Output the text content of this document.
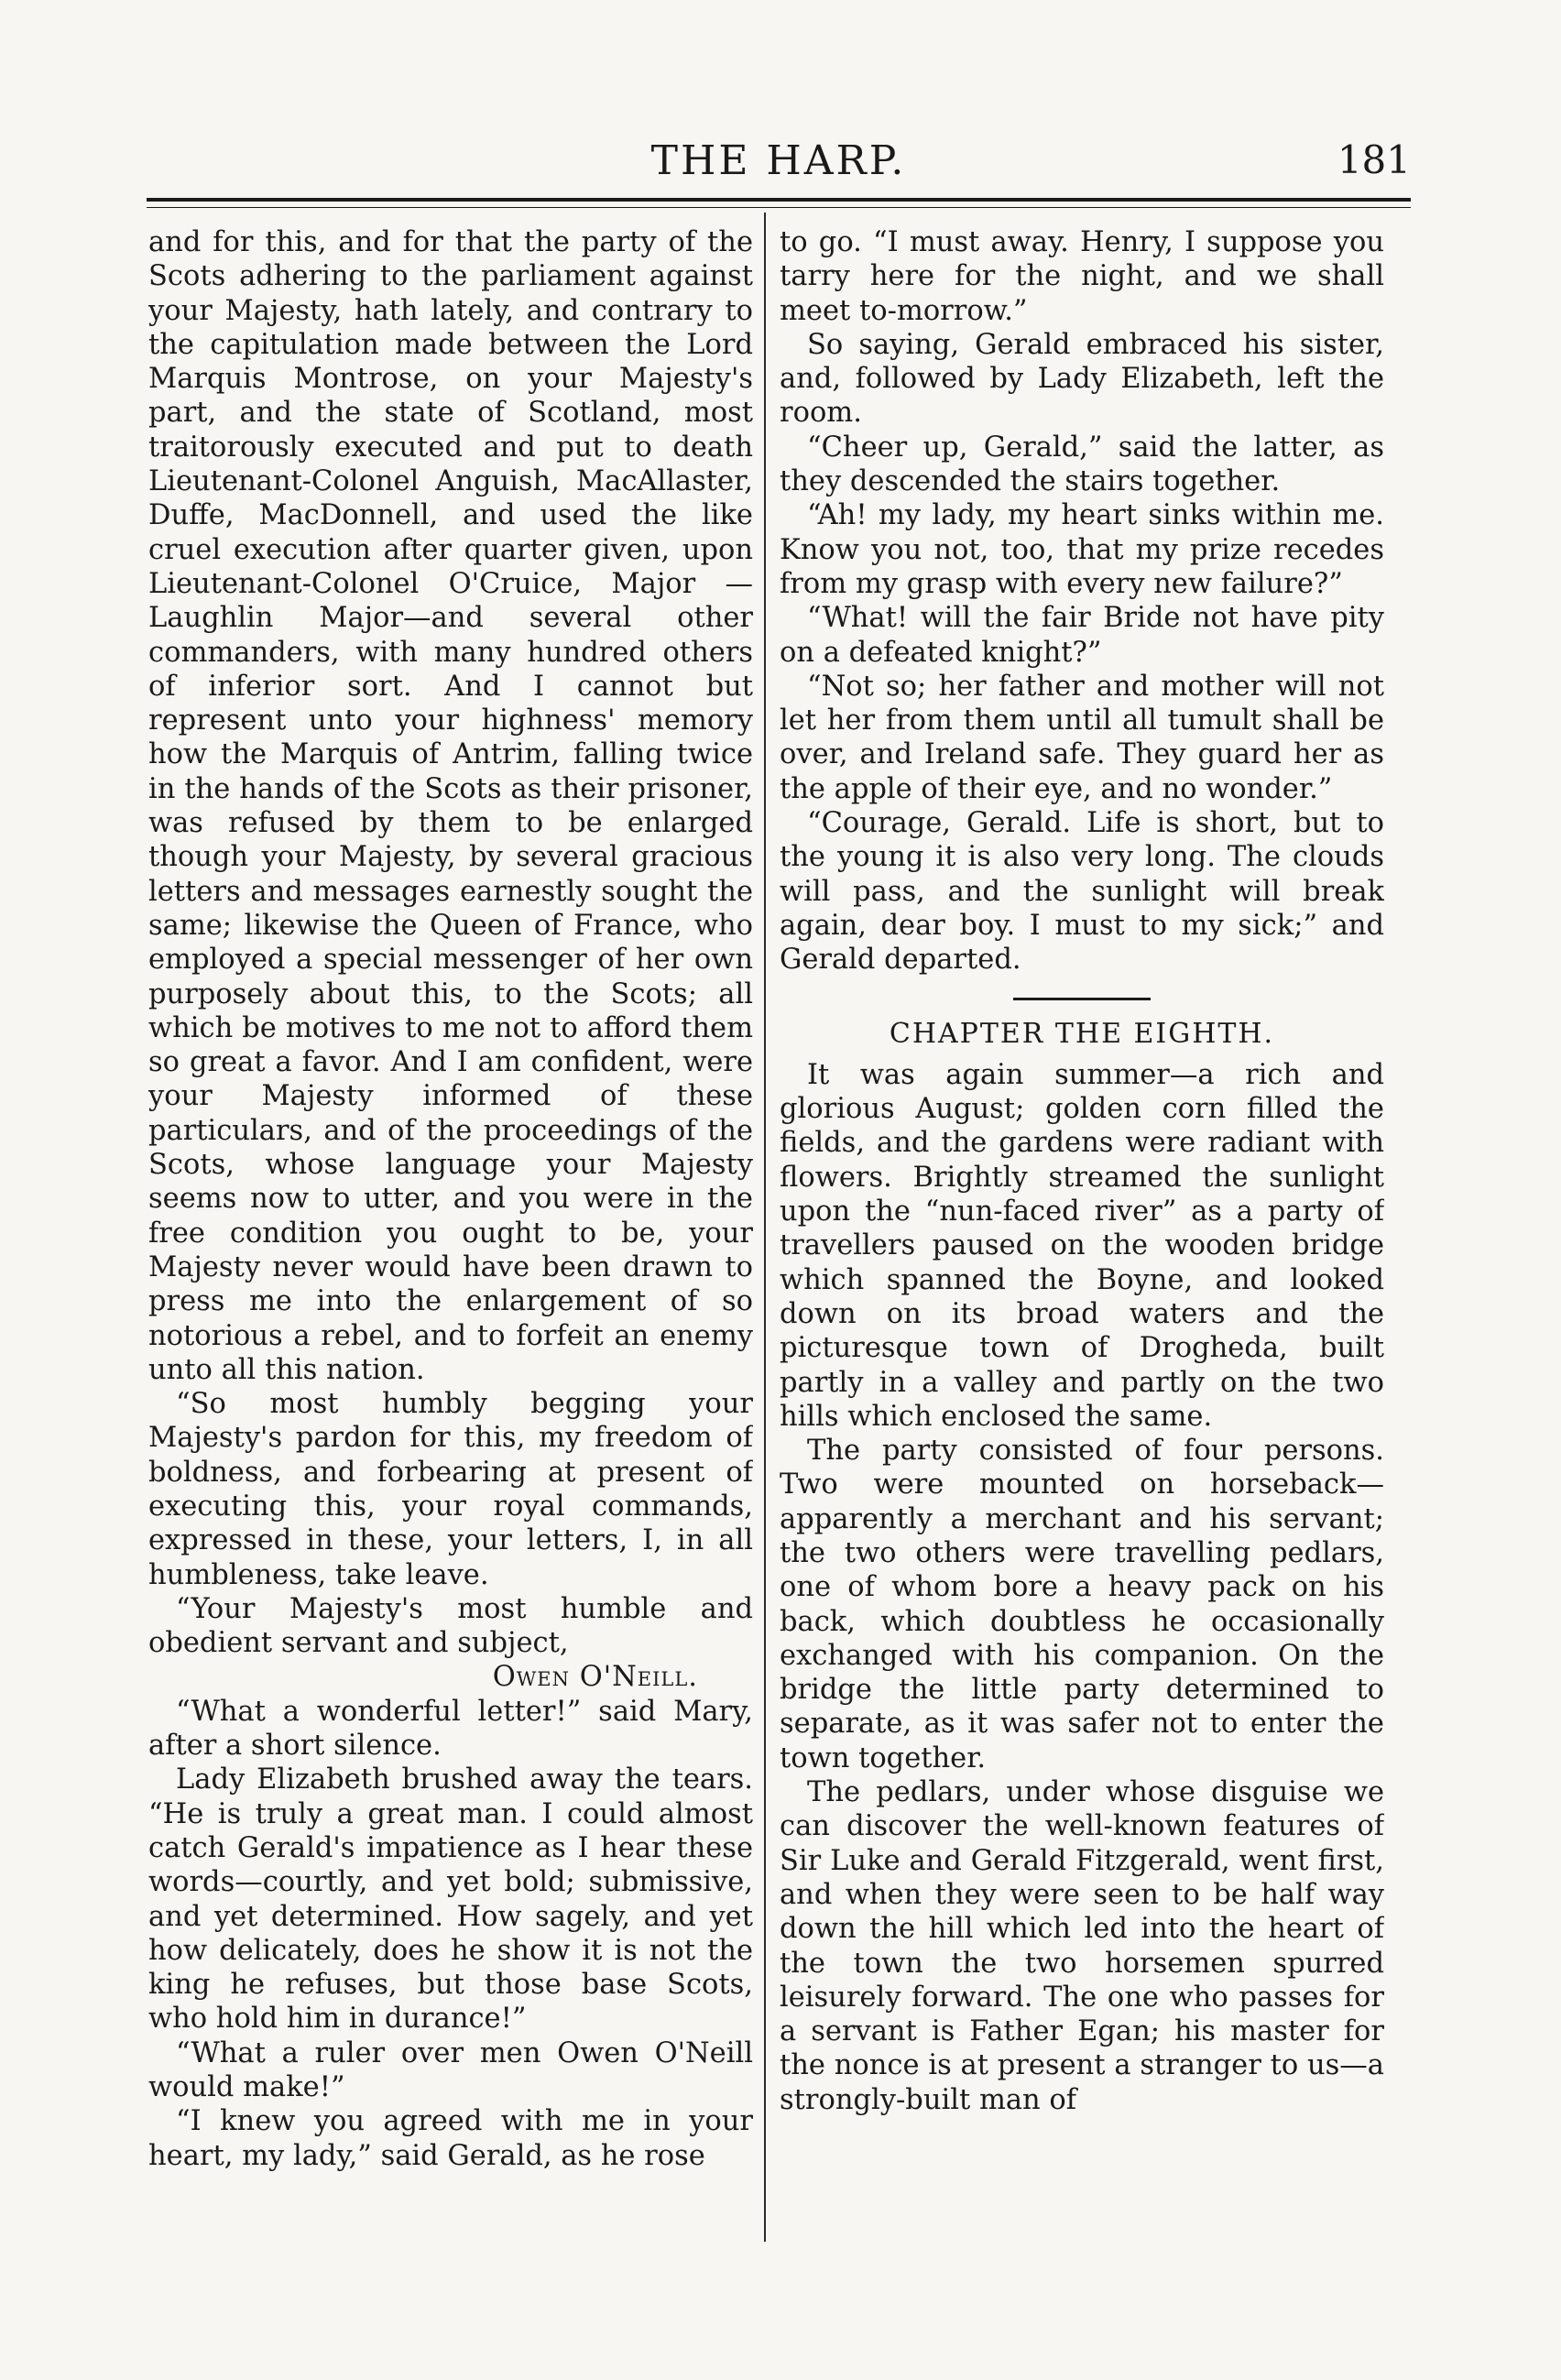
THE HARP.	181

and for this, and for that the party of the Scots adhering to the parliament against your Majesty, hath lately, and contrary to the capitulation made between the Lord Marquis Montrose, on your Majesty's part, and the state of Scotland, most traitorously executed and put to death Lieutenant-Colonel Anguish, MacAllaster, Duffe, MacDonnell, and used the like cruel execution after quarter given, upon Lieutenant-Colonel O'Cruice, Major —Laughlin Major—and several other commanders, with many hundred others of inferior sort. And I cannot but represent unto your highness' memory how the Marquis of Antrim, falling twice in the hands of the Scots as their prisoner, was refused by them to be enlarged though your Majesty, by several gracious letters and messages earnestly sought the same; likewise the Queen of France, who employed a special messenger of her own purposely about this, to the Scots; all which be motives to me not to afford them so great a favor. And I am confident, were your Majesty informed of these particulars, and of the proceedings of the Scots, whose language your Majesty seems now to utter, and you were in the free condition you ought to be, your Majesty never would have been drawn to press me into the enlargement of so notorious a rebel, and to forfeit an enemy unto all this nation.

“So most humbly begging your Majesty's pardon for this, my freedom of boldness, and forbearing at present of executing this, your royal commands, expressed in these, your letters, I, in all humbleness, take leave.

“Your Majesty's most humble and obedient servant and subject,

Owen O'Neill.

“What a wonderful letter!” said Mary, after a short silence.

Lady Elizabeth brushed away the tears. “He is truly a great man. I could almost catch Gerald's impatience as I hear these words—courtly, and yet bold; submissive, and yet determined. How sagely, and yet how delicately, does he show it is not the king he refuses, but those base Scots, who hold him in durance!”

“What a ruler over men Owen O'Neill would make!”

“I knew you agreed with me in your heart, my lady,” said Gerald, as he rose

to go. “I must away. Henry, I suppose you tarry here for the night, and we shall meet to-morrow.”

So saying, Gerald embraced his sister, and, followed by Lady Elizabeth, left the room.

“Cheer up, Gerald,” said the latter, as they descended the stairs together.

“Ah! my lady, my heart sinks within me. Know you not, too, that my prize recedes from my grasp with every new failure?”

“What! will the fair Bride not have pity on a defeated knight?”

“Not so; her father and mother will not let her from them until all tumult shall be over, and Ireland safe. They guard her as the apple of their eye, and no wonder.”

“Courage, Gerald. Life is short, but to the young it is also very long. The clouds will pass, and the sunlight will break again, dear boy. I must to my sick;” and Gerald departed.

CHAPTER THE EIGHTH.

It was again summer—a rich and glorious August; golden corn filled the fields, and the gardens were radiant with flowers. Brightly streamed the sunlight upon the “nun-faced river” as a party of travellers paused on the wooden bridge which spanned the Boyne, and looked down on its broad waters and the picturesque town of Drogheda, built partly in a valley and partly on the two hills which enclosed the same.

The party consisted of four persons. Two were mounted on horseback—apparently a merchant and his servant; the two others were travelling pedlars, one of whom bore a heavy pack on his back, which doubtless he occasionally exchanged with his companion. On the bridge the little party determined to separate, as it was safer not to enter the town together.

The pedlars, under whose disguise we can discover the well-known features of Sir Luke and Gerald Fitzgerald, went first, and when they were seen to be half way down the hill which led into the heart of the town the two horsemen spurred leisurely forward. The one who passes for a servant is Father Egan; his master for the nonce is at present a stranger to us—a strongly-built man of
